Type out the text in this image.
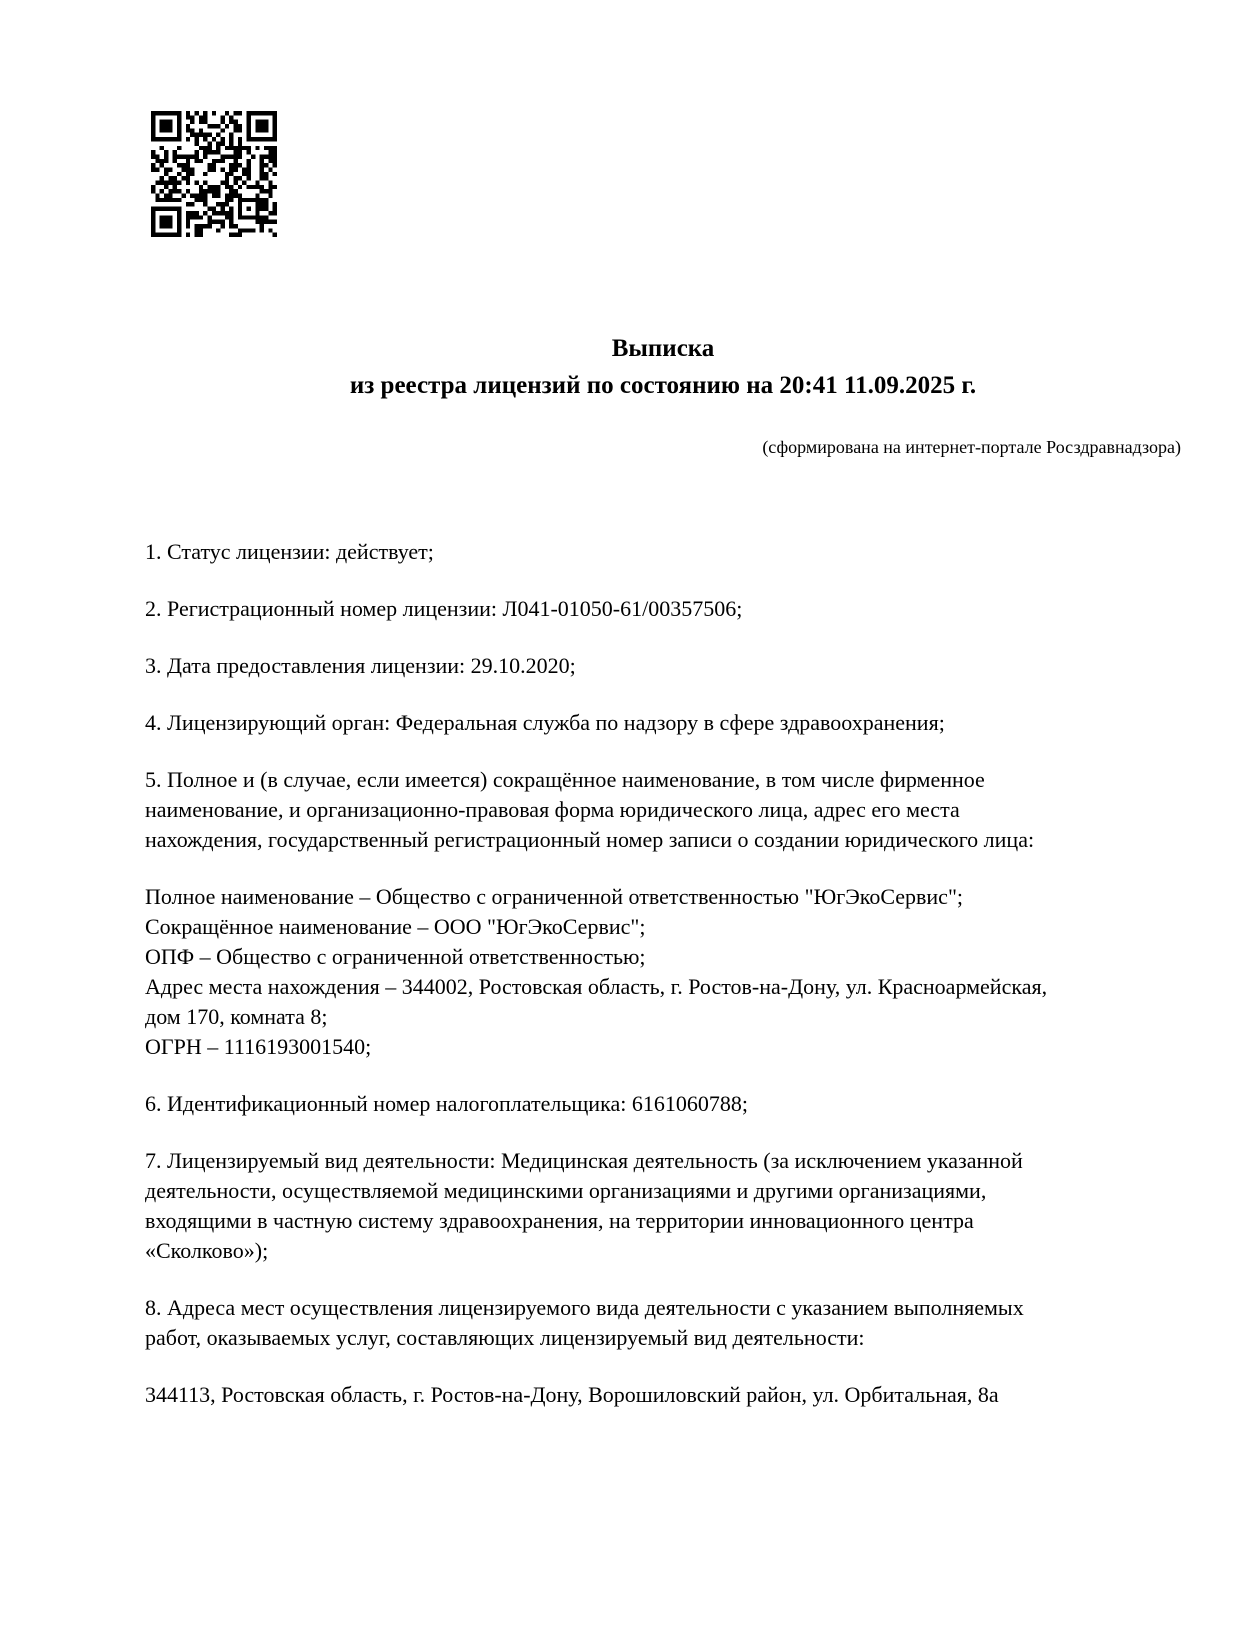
Выписка
из реестра лицензий по состоянию на 20:41 11.09.2025 г.
(сформирована на интернет-портале Росздравнадзора)

1. Статус лицензии: действует;

2. Регистрационный номер лицензии: Л041-01050-61/00357506;

3. Дата предоставления лицензии: 29.10.2020;

4. Лицензирующий орган: Федеральная служба по надзору в сфере здравоохранения;

5. Полное и (в случае, если имеется) сокращённое наименование, в том числе фирменное
наименование, и организационно-правовая форма юридического лица, адрес его места
нахождения, государственный регистрационный номер записи о создании юридического лица:

Полное наименование – Общество с ограниченной ответственностью "ЮгЭкоСервис";
Сокращённое наименование – ООО "ЮгЭкоСервис";
ОПФ – Общество с ограниченной ответственностью;
Адрес места нахождения – 344002, Ростовская область, г. Ростов-на-Дону, ул. Красноармейская,
дом 170, комната 8;
ОГРН – 1116193001540;

6. Идентификационный номер налогоплательщика: 6161060788;

7. Лицензируемый вид деятельности: Медицинская деятельность (за исключением указанной
деятельности, осуществляемой медицинскими организациями и другими организациями,
входящими в частную систему здравоохранения, на территории инновационного центра
«Сколково»);

8. Адреса мест осуществления лицензируемого вида деятельности с указанием выполняемых
работ, оказываемых услуг, составляющих лицензируемый вид деятельности:

344113, Ростовская область, г. Ростов-на-Дону, Ворошиловский район, ул. Орбитальная, 8а
